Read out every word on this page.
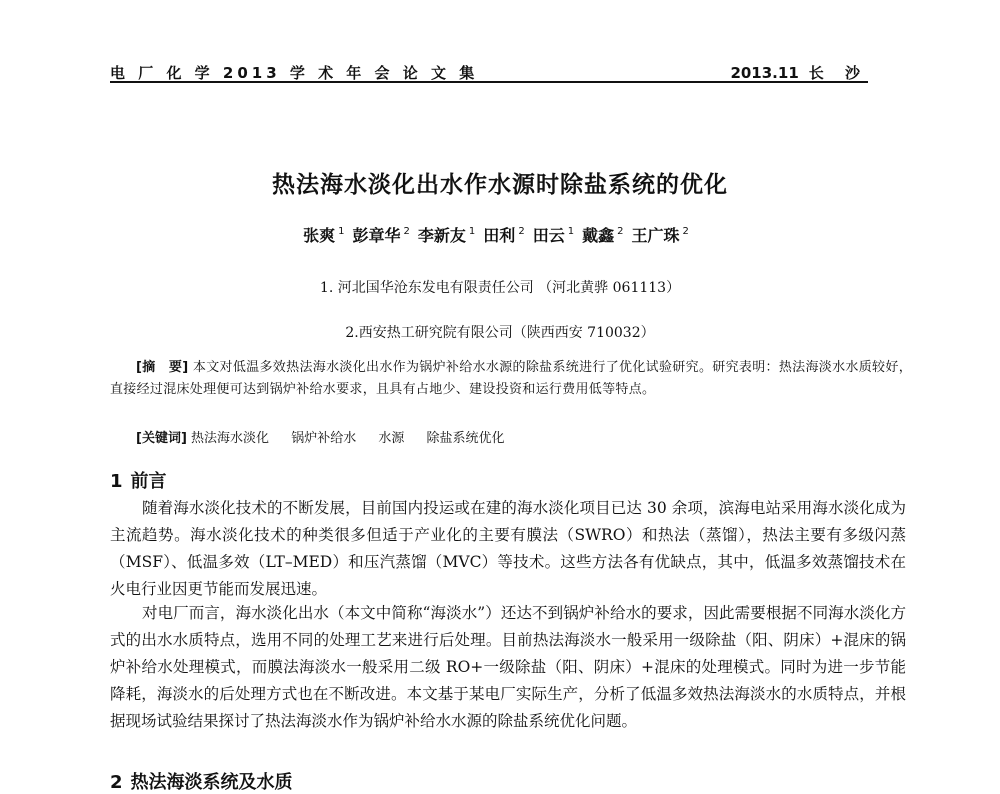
电 厂 化 学 2013 学 术 年 会 论 文 集	2013.11 长 沙
热法海水淡化出水作水源时除盐系统的优化
张爽 $^1$ 彭章华 $^2$ 李新友 $^1$ 田利 $^2$ 田云 $^1$ 戴鑫 $^2$ 王广珠 $^2$
1. 河北国华沧东发电有限责任公司 （河北黄骅 061113）
2.西安热工研究院有限公司（陕西西安 710032）
[摘　要] 本文对低温多效热法海水淡化出水作为锅炉补给水水源的除盐系统进行了优化试验研究。研究表明：热法海淡水水质较好，直接经过混床处理便可达到锅炉补给水要求，且具有占地少、建设投资和运行费用低等特点。
[关键词] 热法海水淡化 锅炉补给水 水源 除盐系统优化
1 前言
随着海水淡化技术的不断发展，目前国内投运或在建的海水淡化项目已达 30 余项，滨海电站采用海水淡化成为主流趋势。海水淡化技术的种类很多但适于产业化的主要有膜法（SWRO）和热法（蒸馏），热法主要有多级闪蒸（MSF）、低温多效（LT–MED）和压汽蒸馏（MVC）等技术。这些方法各有优缺点，其中，低温多效蒸馏技术在火电行业因更节能而发展迅速。
对电厂而言，海水淡化出水（本文中简称“海淡水”）还达不到锅炉补给水的要求，因此需要根据不同海水淡化方式的出水水质特点，选用不同的处理工艺来进行后处理。目前热法海淡水一般采用一级除盐（阳、阴床）+混床的锅炉补给水处理模式，而膜法海淡水一般采用二级 RO+一级除盐（阳、阴床）+混床的处理模式。同时为进一步节能降耗，海淡水的后处理方式也在不断改进。本文基于某电厂实际生产，分析了低温多效热法海淡水的水质特点，并根据现场试验结果探讨了热法海淡水作为锅炉补给水水源的除盐系统优化问题。
2 热法海淡系统及水质
